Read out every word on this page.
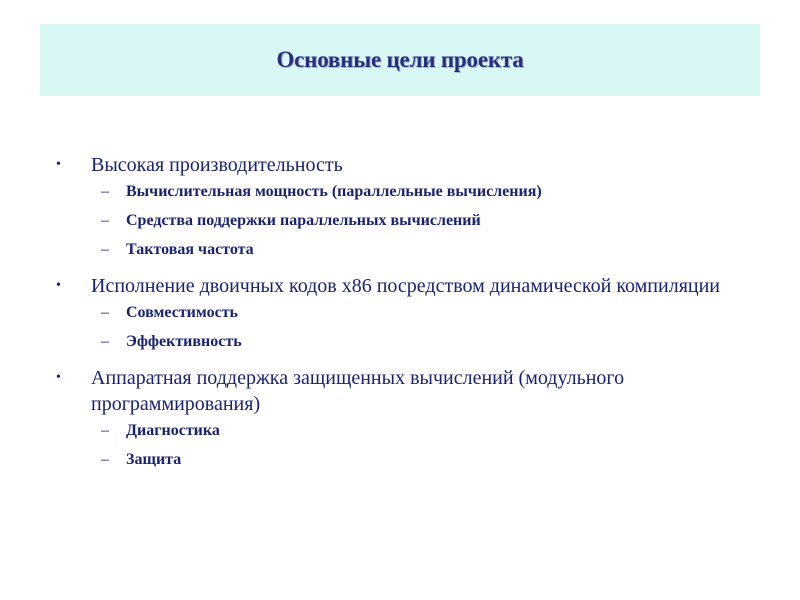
Основные цели проекта
•	Высокая производительность
–	Вычислительная мощность (параллельные вычисления)
–	Средства поддержки параллельных вычислений
–	Тактовая частота
•	Исполнение двоичных кодов x86 посредством динамической компиляции
–	Совместимость
–	Эффективность
•	Аппаратная поддержка защищенных вычислений (модульного программирования)
–	Диагностика
–	Защита
